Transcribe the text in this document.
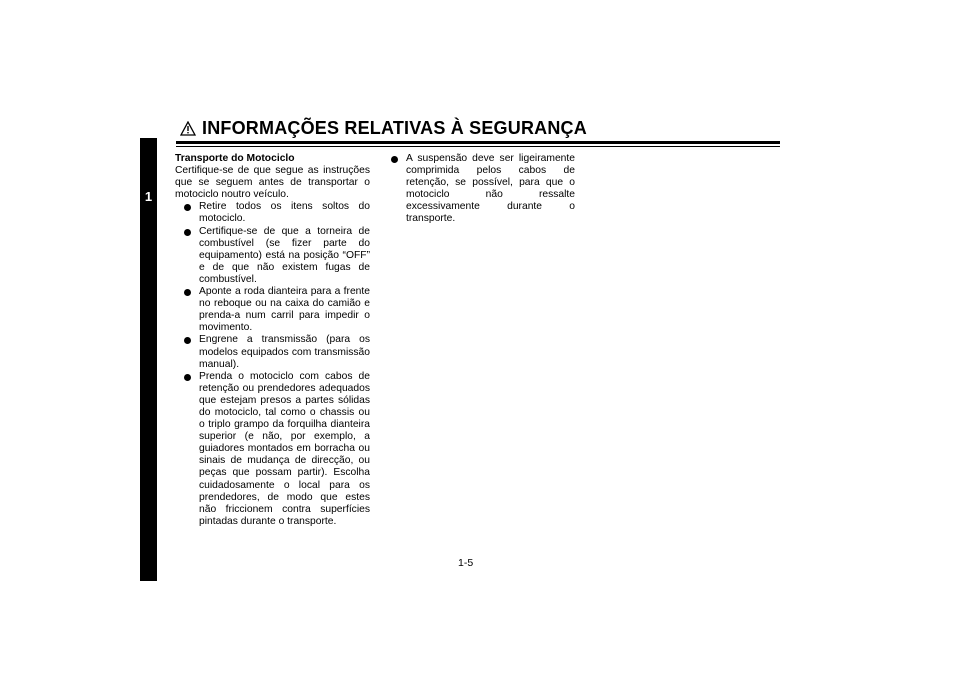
INFORMAÇÕES RELATIVAS À SEGURANÇA
1
Transporte do Motociclo
Certifique-se de que segue as instruções que se seguem antes de transportar o motociclo noutro veículo.
Retire todos os itens soltos do motociclo.
Certifique-se de que a torneira de combustível (se fizer parte do equipamento) está na posição “OFF” e de que não existem fugas de combustível.
Aponte a roda dianteira para a frente no reboque ou na caixa do camião e prenda-a num carril para impedir o movimento.
Engrene a transmissão (para os modelos equipados com transmissão manual).
Prenda o motociclo com cabos de retenção ou prendedores adequados que estejam presos a partes sólidas do motociclo, tal como o chassis ou o triplo grampo da forquilha dianteira superior (e não, por exemplo, a guiadores montados em borracha ou sinais de mudança de direcção, ou peças que possam partir). Escolha cuidadosamente o local para os prendedores, de modo que estes não friccionem contra superfícies pintadas durante o transporte.
A suspensão deve ser ligeiramente comprimida pelos cabos de retenção, se possível, para que o motociclo não ressalte excessivamente durante o transporte.
1-5
